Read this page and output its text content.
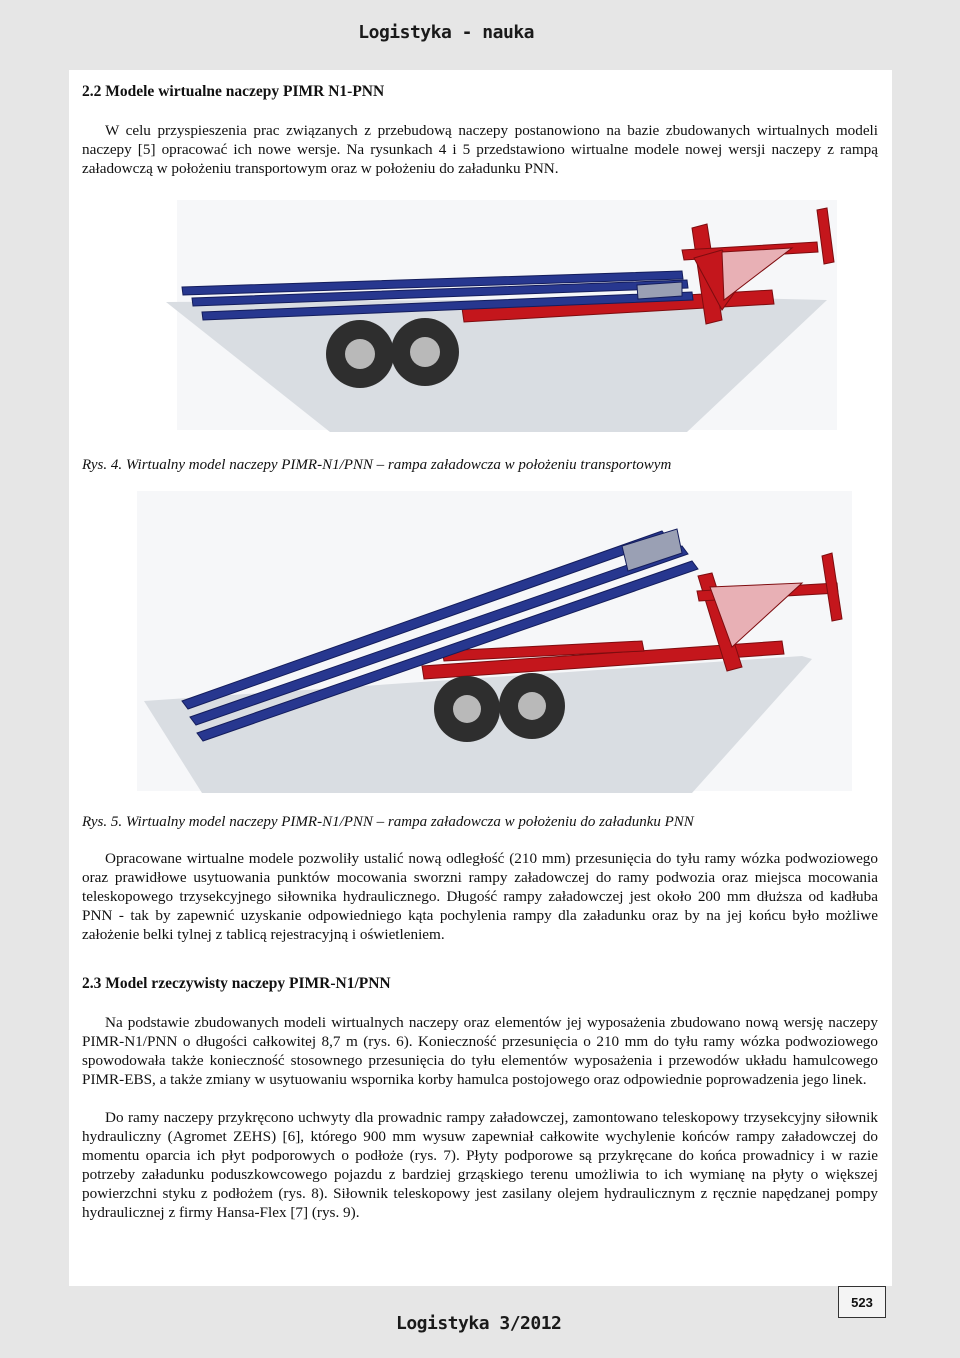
Logistyka - nauka
2.2 Modele wirtualne naczepy PIMR N1-PNN

W celu przyspieszenia prac związanych z przebudową naczepy postanowiono na bazie zbudowanych wirtualnych modeli naczepy [5] opracować ich nowe wersje. Na rysunkach 4 i 5 przedstawiono wirtualne modele nowej wersji naczepy z rampą załadowczą w położeniu transportowym oraz w położeniu do załadunku PNN.

Rys. 4. Wirtualny model naczepy PIMR-N1/PNN – rampa załadowcza w położeniu transportowym
Rys. 5. Wirtualny model naczepy PIMR-N1/PNN – rampa załadowcza w położeniu do załadunku PNN

Opracowane wirtualne modele pozwoliły ustalić nową odległość (210 mm) przesunięcia do tyłu ramy wózka podwoziowego oraz prawidłowe usytuowania punktów mocowania sworzni rampy załadowczej do ramy podwozia oraz miejsca mocowania teleskopowego trzysekcyjnego siłownika hydraulicznego. Długość rampy załadowczej jest około 200 mm dłuższa od kadłuba PNN - tak by zapewnić uzyskanie odpowiedniego kąta pochylenia rampy dla załadunku oraz by na jej końcu było możliwe założenie belki tylnej z tablicą rejestracyjną i oświetleniem.

2.3 Model rzeczywisty naczepy PIMR-N1/PNN

Na podstawie zbudowanych modeli wirtualnych naczepy oraz elementów jej wyposażenia zbudowano nową wersję naczepy PIMR-N1/PNN o długości całkowitej 8,7 m (rys. 6). Konieczność przesunięcia o 210 mm do tyłu ramy wózka podwoziowego spowodowała także konieczność stosownego przesunięcia do tyłu elementów wyposażenia i przewodów układu hamulcowego PIMR-EBS, a także zmiany w usytuowaniu wspornika korby hamulca postojowego oraz odpowiednie poprowadzenia jego linek.

Do ramy naczepy przykręcono uchwyty dla prowadnic rampy załadowczej, zamontowano teleskopowy trzysekcyjny siłownik hydrauliczny (Agromet ZEHS) [6], którego 900 mm wysuw zapewniał całkowite wychylenie końców rampy załadowczej do momentu oparcia ich płyt podporowych o podłoże (rys. 7). Płyty podporowe są przykręcane do końca prowadnicy i w razie potrzeby załadunku poduszkowcowego pojazdu z bardziej grząskiego terenu umożliwia to ich wymianę na płyty o większej powierzchni styku z podłożem (rys. 8). Siłownik teleskopowy jest zasilany olejem hydraulicznym z ręcznie napędzanej pompy hydraulicznej z firmy Hansa-Flex [7] (rys. 9).

523
Logistyka 3/2012
